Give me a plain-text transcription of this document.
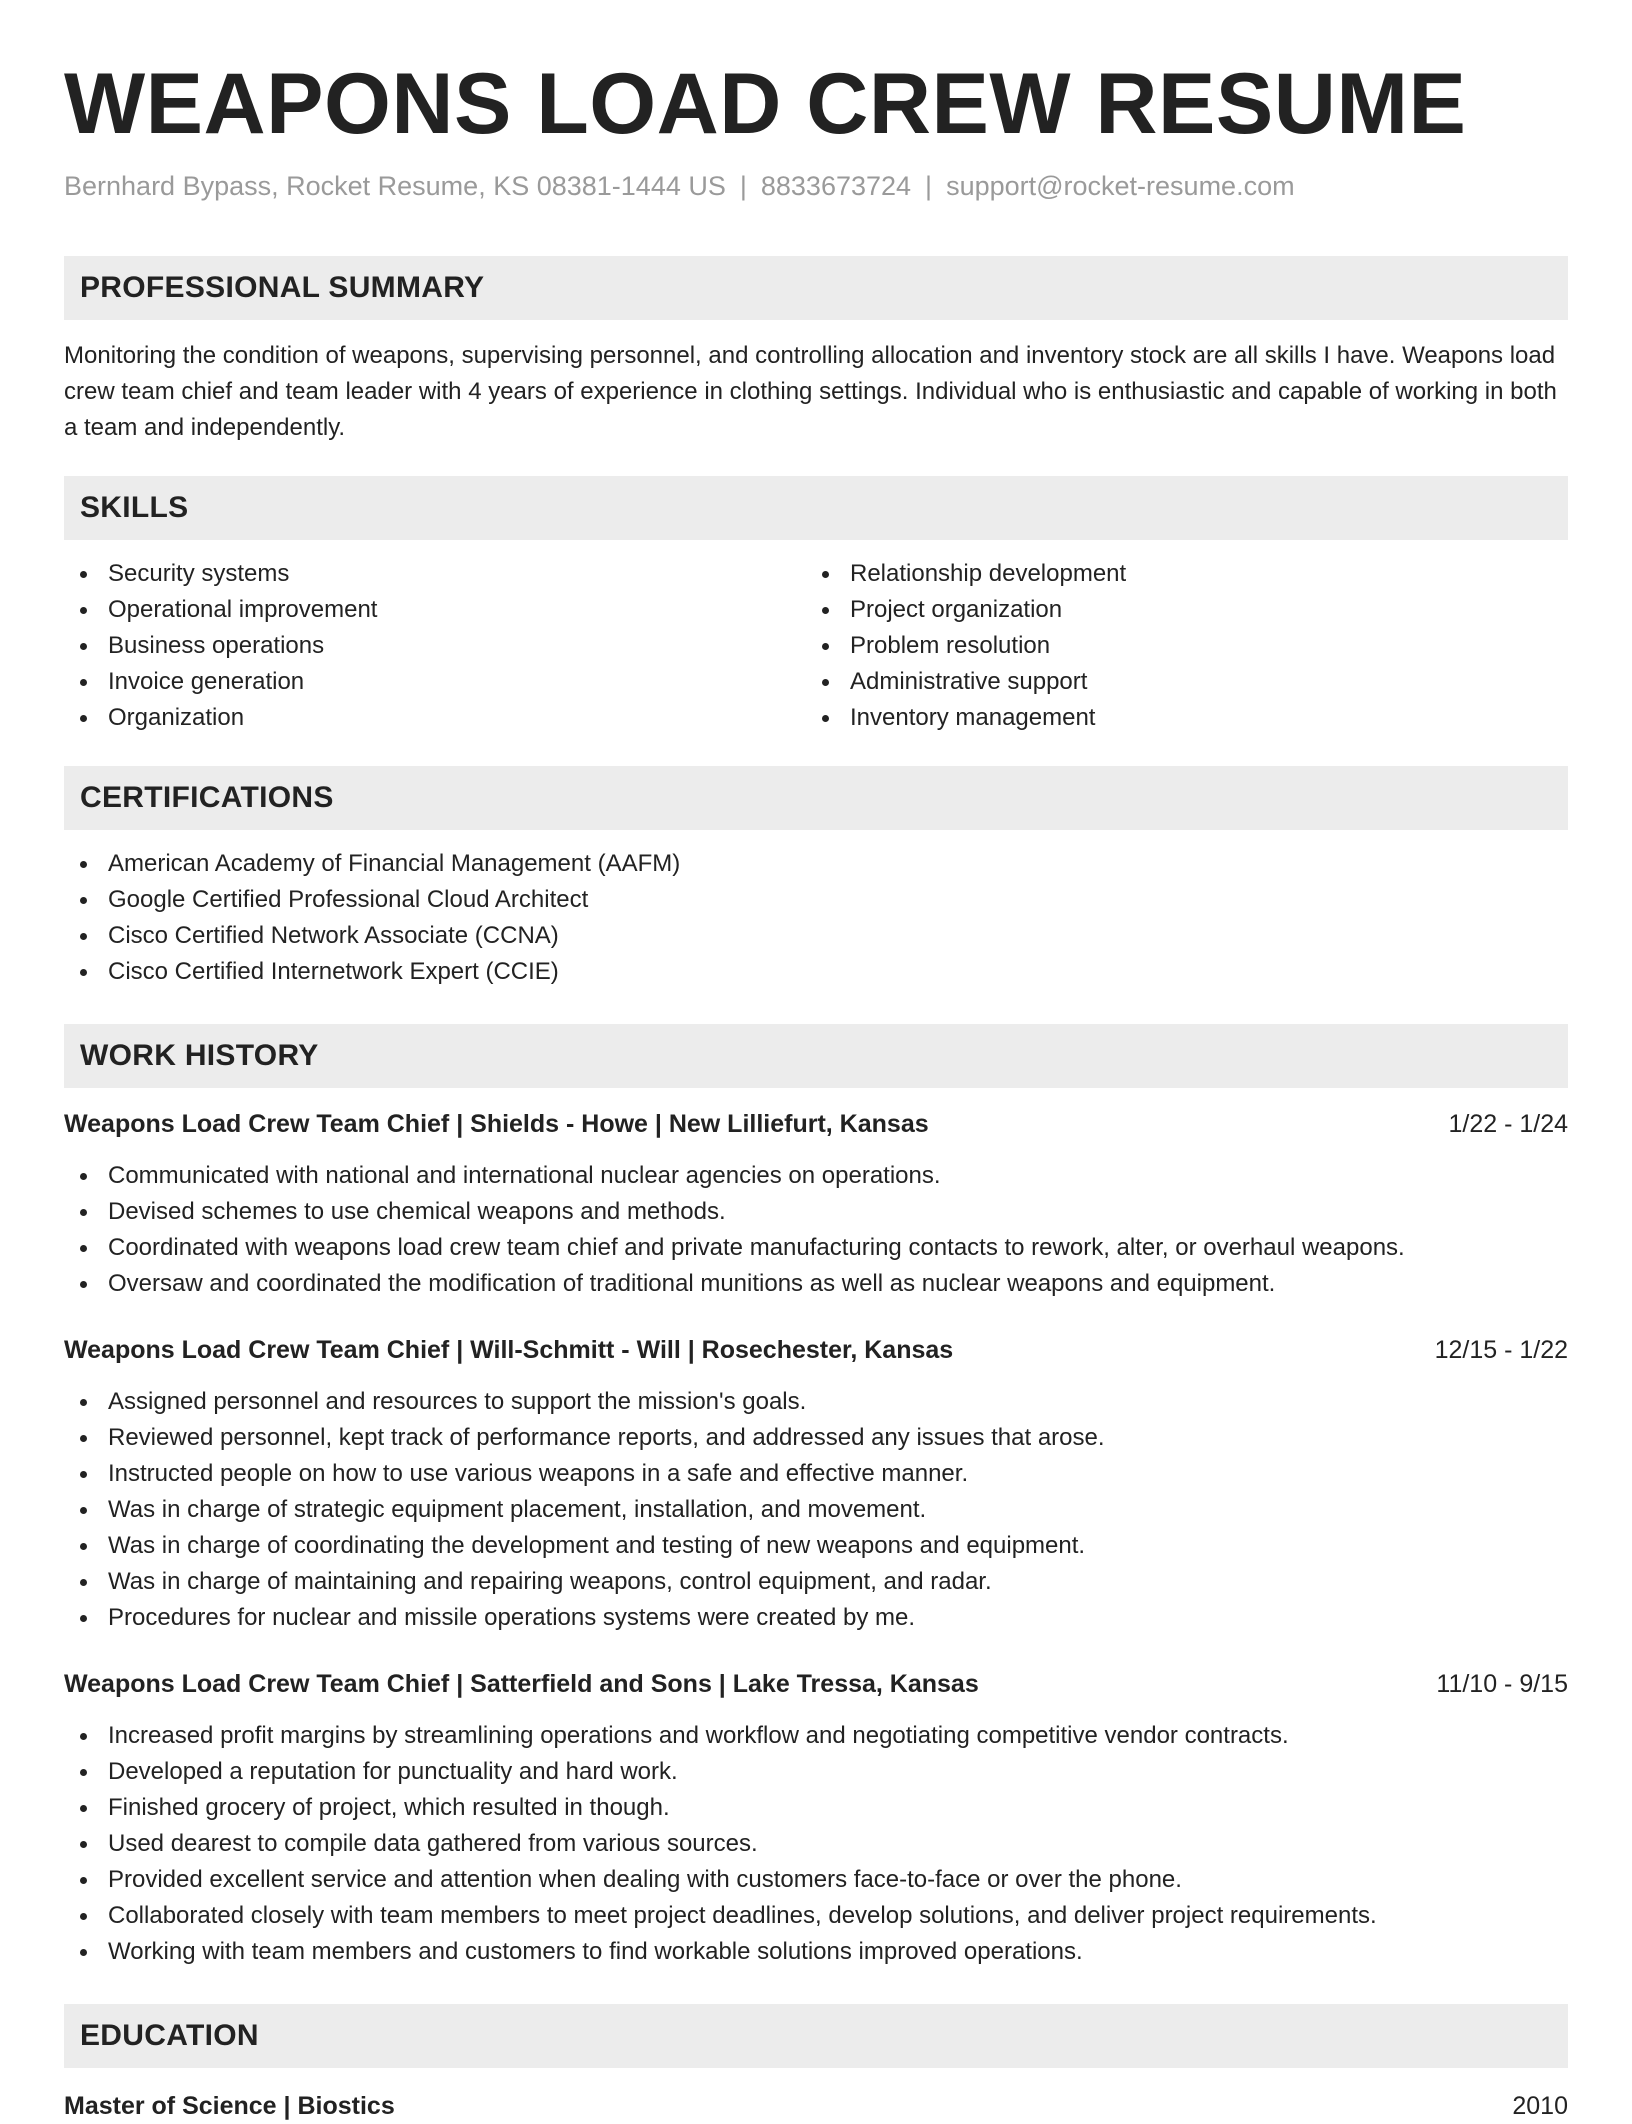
WEAPONS LOAD CREW RESUME
Bernhard Bypass, Rocket Resume, KS 08381-1444 US | 8833673724 | support@rocket-resume.com
PROFESSIONAL SUMMARY

Monitoring the condition of weapons, supervising personnel, and controlling allocation and inventory stock are all skills I have. Weapons load crew team chief and team leader with 4 years of experience in clothing settings. Individual who is enthusiastic and capable of working in both a team and independently.

SKILLS
Security systems
Operational improvement
Business operations
Invoice generation
Organization
Relationship development
Project organization
Problem resolution
Administrative support
Inventory management
CERTIFICATIONS
American Academy of Financial Management (AAFM)
Google Certified Professional Cloud Architect
Cisco Certified Network Associate (CCNA)
Cisco Certified Internetwork Expert (CCIE)
WORK HISTORY
Weapons Load Crew Team Chief | Shields - Howe | New Lilliefurt, Kansas	1/22 - 1/24
Communicated with national and international nuclear agencies on operations.
Devised schemes to use chemical weapons and methods.
Coordinated with weapons load crew team chief and private manufacturing contacts to rework, alter, or overhaul weapons.
Oversaw and coordinated the modification of traditional munitions as well as nuclear weapons and equipment.
Weapons Load Crew Team Chief | Will-Schmitt - Will | Rosechester, Kansas	12/15 - 1/22
Assigned personnel and resources to support the mission's goals.
Reviewed personnel, kept track of performance reports, and addressed any issues that arose.
Instructed people on how to use various weapons in a safe and effective manner.
Was in charge of strategic equipment placement, installation, and movement.
Was in charge of coordinating the development and testing of new weapons and equipment.
Was in charge of maintaining and repairing weapons, control equipment, and radar.
Procedures for nuclear and missile operations systems were created by me.
Weapons Load Crew Team Chief | Satterfield and Sons | Lake Tressa, Kansas	11/10 - 9/15
Increased profit margins by streamlining operations and workflow and negotiating competitive vendor contracts.
Developed a reputation for punctuality and hard work.
Finished grocery of project, which resulted in though.
Used dearest to compile data gathered from various sources.
Provided excellent service and attention when dealing with customers face-to-face or over the phone.
Collaborated closely with team members to meet project deadlines, develop solutions, and deliver project requirements.
Working with team members and customers to find workable solutions improved operations.
EDUCATION
Master of Science | Biostics	2010
